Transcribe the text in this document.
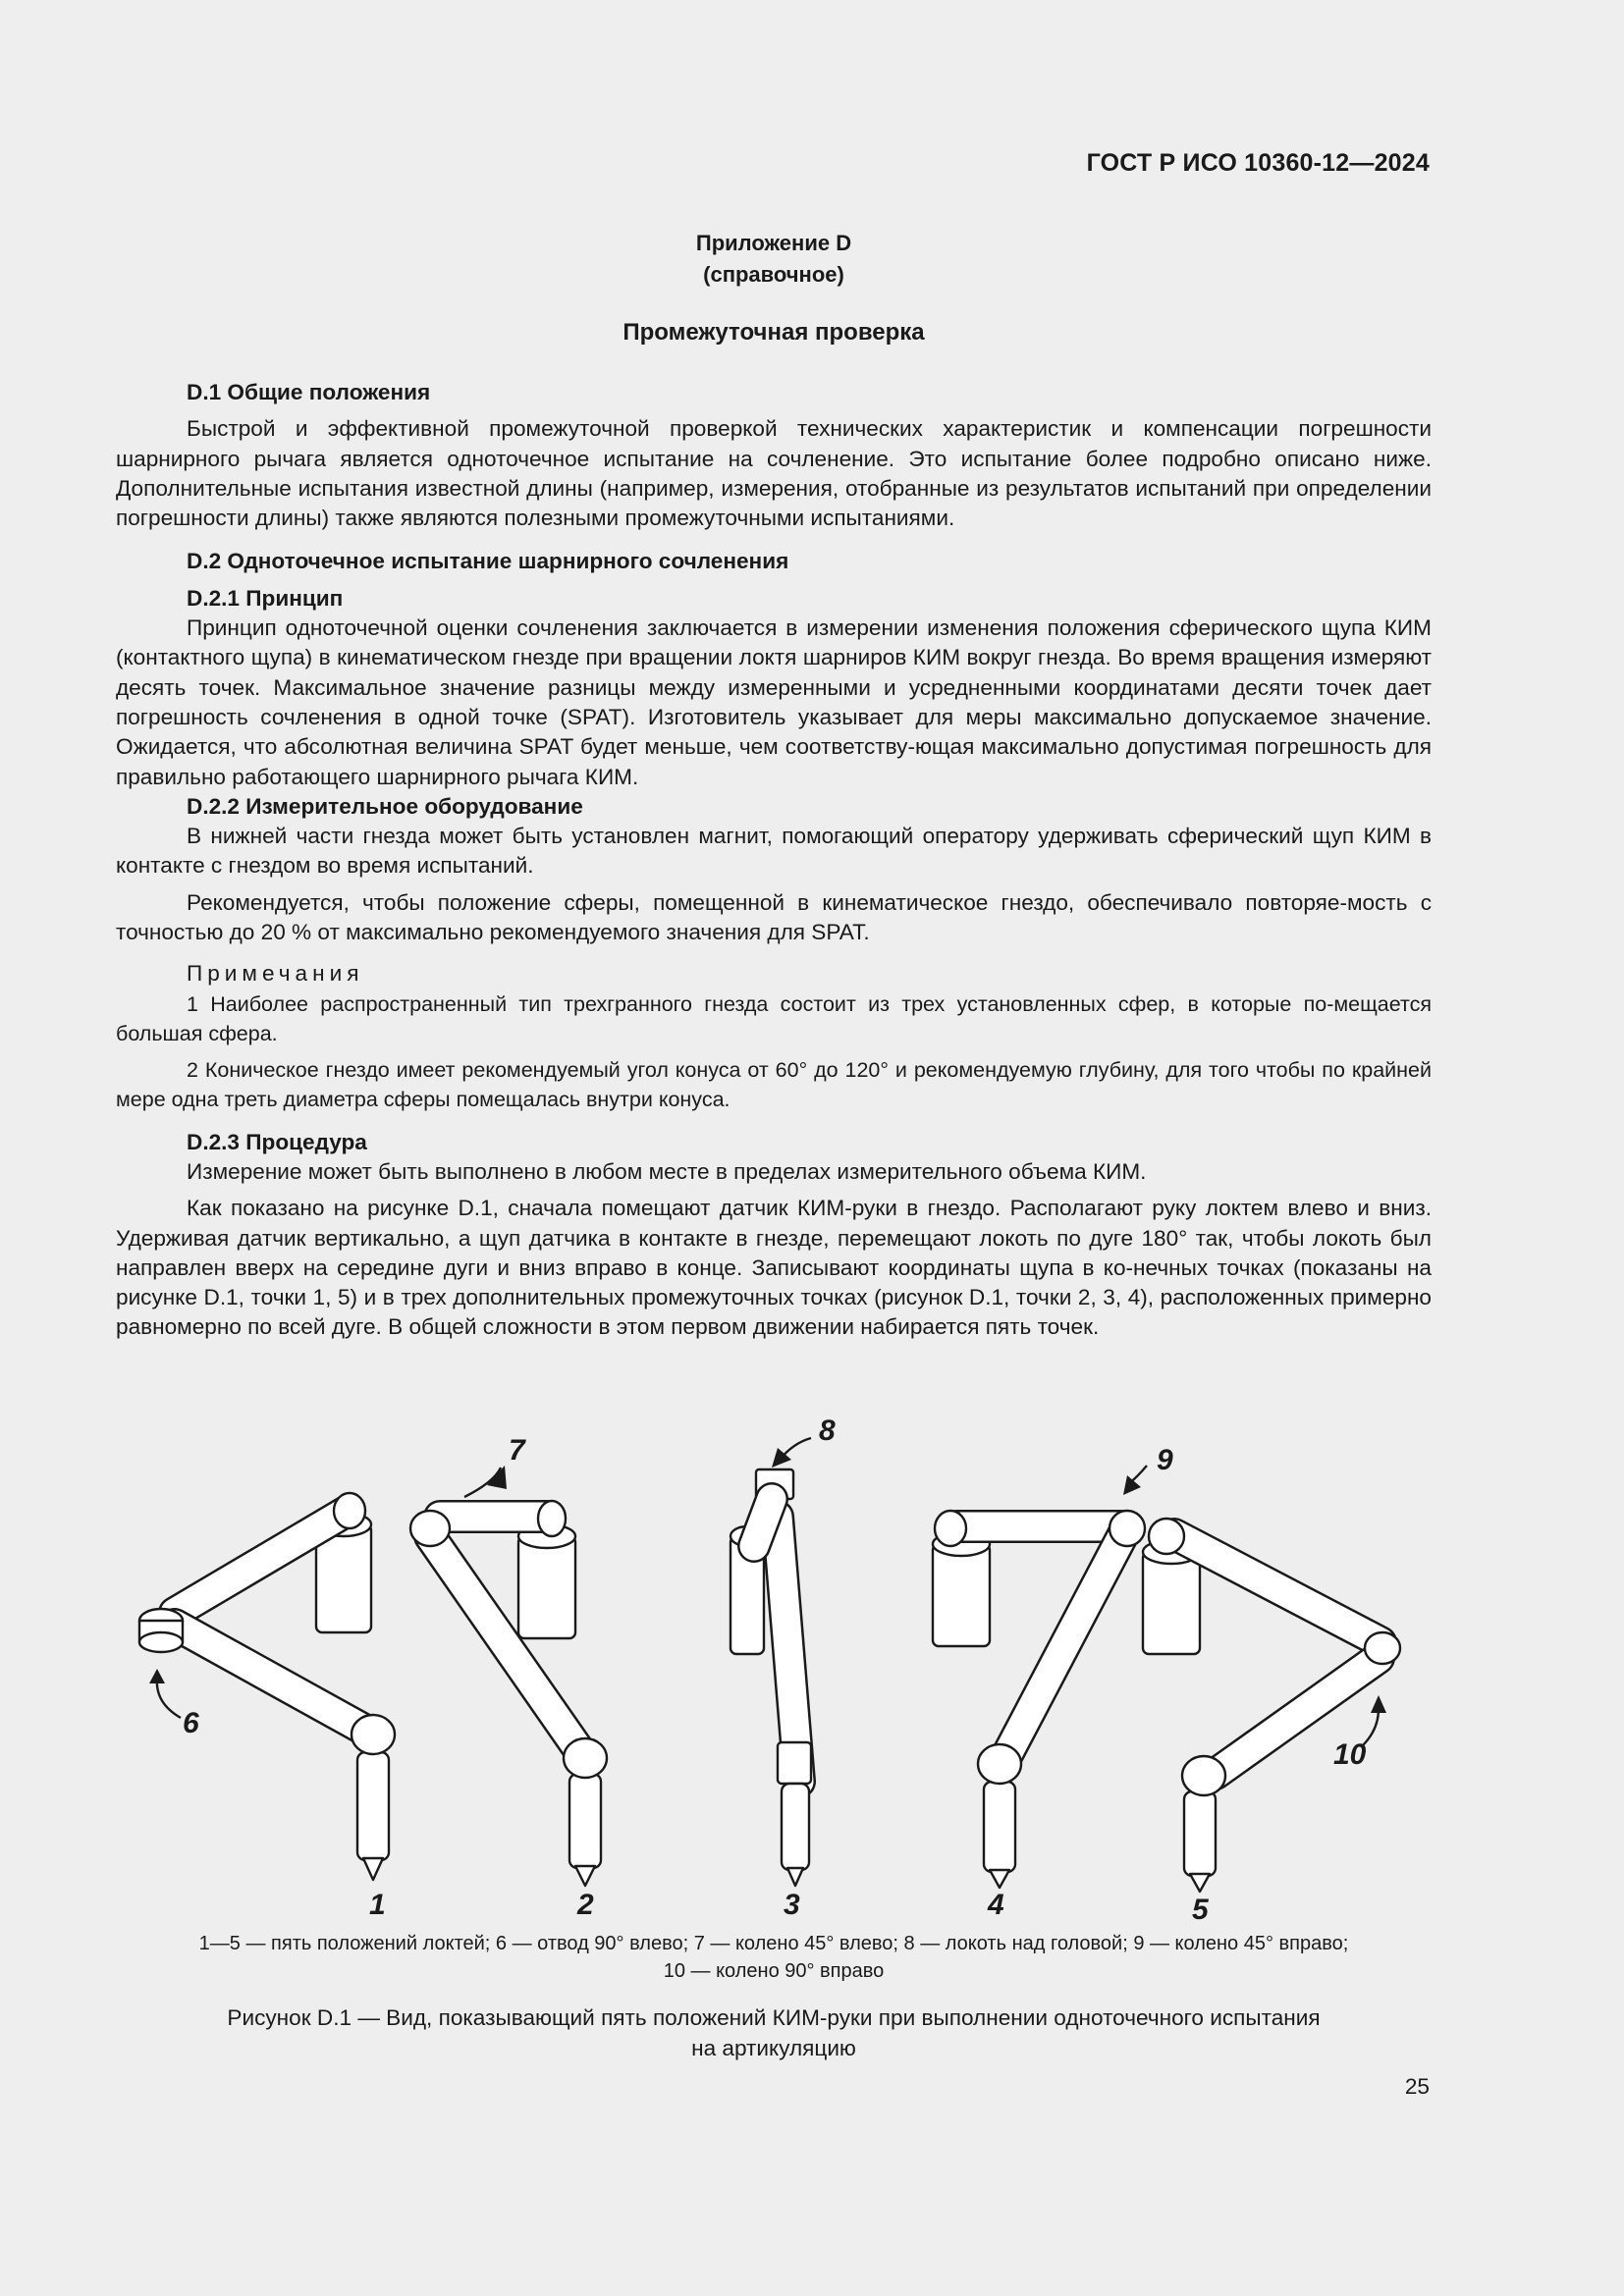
ГОСТ Р ИСО 10360-12—2024
Приложение D
(справочное)
Промежуточная проверка
D.1 Общие положения

Быстрой и эффективной промежуточной проверкой технических характеристик и компенсации погрешности шарнирного рычага является одноточечное испытание на сочленение. Это испытание более подробно описано ниже. Дополнительные испытания известной длины (например, измерения, отобранные из результатов испытаний при определении погрешности длины) также являются полезными промежуточными испытаниями.

D.2 Одноточечное испытание шарнирного сочленения
D.2.1 Принцип

Принцип одноточечной оценки сочленения заключается в измерении изменения положения сферического щупа КИМ (контактного щупа) в кинематическом гнезде при вращении локтя шарниров КИМ вокруг гнезда. Во время вращения измеряют десять точек. Максимальное значение разницы между измеренными и усредненными координатами десяти точек дает погрешность сочленения в одной точке (SPAT). Изготовитель указывает для меры максимально допускаемое значение. Ожидается, что абсолютная величина SPAT будет меньше, чем соответству-ющая максимально допустимая погрешность для правильно работающего шарнирного рычага КИМ.

D.2.2 Измерительное оборудование

В нижней части гнезда может быть установлен магнит, помогающий оператору удерживать сферический щуп КИМ в контакте с гнездом во время испытаний.

Рекомендуется, чтобы положение сферы, помещенной в кинематическое гнездо, обеспечивало повторяе-мость с точностью до 20 % от максимально рекомендуемого значения для SPAT.

Примечания

1 Наиболее распространенный тип трехгранного гнезда состоит из трех установленных сфер, в которые по-мещается большая сфера.

2 Коническое гнездо имеет рекомендуемый угол конуса от 60° до 120° и рекомендуемую глубину, для того чтобы по крайней мере одна треть диаметра сферы помещалась внутри конуса.

D.2.3 Процедура

Измерение может быть выполнено в любом месте в пределах измерительного объема КИМ.

Как показано на рисунке D.1, сначала помещают датчик КИМ-руки в гнездо. Располагают руку локтем влево и вниз. Удерживая датчик вертикально, а щуп датчика в контакте в гнезде, перемещают локоть по дуге 180° так, чтобы локоть был направлен вверх на середине дуги и вниз вправо в конце. Записывают координаты щупа в ко-нечных точках (показаны на рисунке D.1, точки 1, 5) и в трех дополнительных промежуточных точках (рисунок D.1, точки 2, 3, 4), расположенных примерно равномерно по всей дуге. В общей сложности в этом первом движении набирается пять точек.

6
1
7
2
8
3
9
4
10
5
1—5 — пять положений локтей; 6 — отвод 90° влево; 7 — колено 45° влево; 8 — локоть над головой; 9 — колено 45° вправо;
10 — колено 90° вправо
Рисунок D.1 — Вид, показывающий пять положений КИМ-руки при выполнении одноточечного испытания
на артикуляцию
25
